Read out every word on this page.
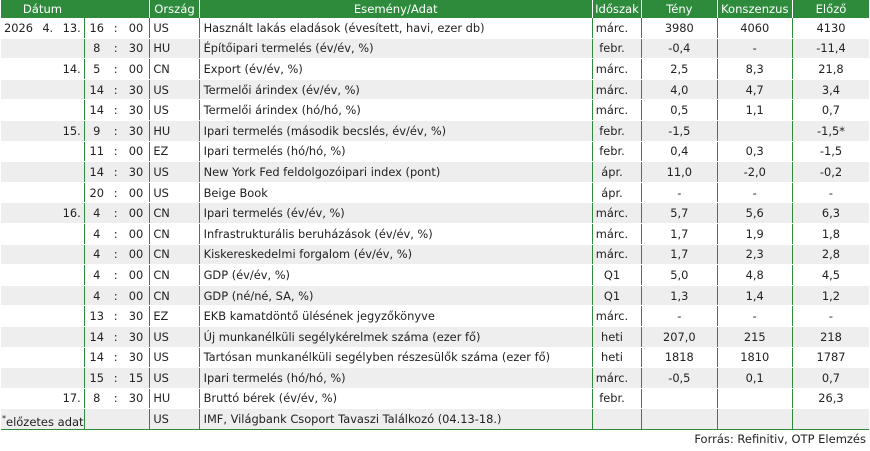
Dátum						Ország	Esemény/Adat	Időszak	Tény	Konszenzus	Előző
2026	4.	13.	16	:	00	US	Használt lakás eladások (évesített, havi, ezer db)	márc.	3980	4060	4130
			8	:	30	HU	Építőipari termelés (év/év, %)	febr.	-0,4	-	-11,4
		14.	5	:	00	CN	Export (év/év, %)	márc.	2,5	8,3	21,8
			14	:	30	US	Termelői árindex (év/év, %)	márc.	4,0	4,7	3,4
			14	:	30	US	Termelői árindex (hó/hó, %)	márc.	0,5	1,1	0,7
		15.	9	:	30	HU	Ipari termelés (második becslés, év/év, %)	febr.	-1,5		-1,5*
			11	:	00	EZ	Ipari termelés (hó/hó, %)	febr.	0,4	0,3	-1,5
			14	:	30	US	New York Fed feldolgozóipari index (pont)	ápr.	11,0	-2,0	-0,2
			20	:	00	US	Beige Book	ápr.	-	-	-
		16.	4	:	00	CN	Ipari termelés (év/év, %)	márc.	5,7	5,6	6,3
			4	:	00	CN	Infrastrukturális beruházások (év/év, %)	márc.	1,7	1,9	1,8
			4	:	00	CN	Kiskereskedelmi forgalom (év/év, %)	márc.	1,7	2,3	2,8
			4	:	00	CN	GDP (év/év, %)	Q1	5,0	4,8	4,5
			4	:	00	CN	GDP (né/né, SA, %)	Q1	1,3	1,4	1,2
			13	:	30	EZ	EKB kamatdöntő ülésének jegyzőkönyve	márc.	-	-	-
			14	:	30	US	Új munkanélküli segélykérelmek száma (ezer fő)	heti	207,0	215	218
			14	:	30	US	Tartósan munkanélküli segélyben részesülők száma (ezer fő)	heti	1818	1810	1787
			15	:	15	US	Ipari termelés (hó/hó, %)	márc.	-0,5	0,1	0,7
		17.	8	:	30	HU	Bruttó bérek (év/év, %)	febr.			26,3
						US	IMF, Világbank Csoport Tavaszi Találkozó (04.13-18.)				
*előzetes adat
Forrás: Refinitiv, OTP Elemzés
